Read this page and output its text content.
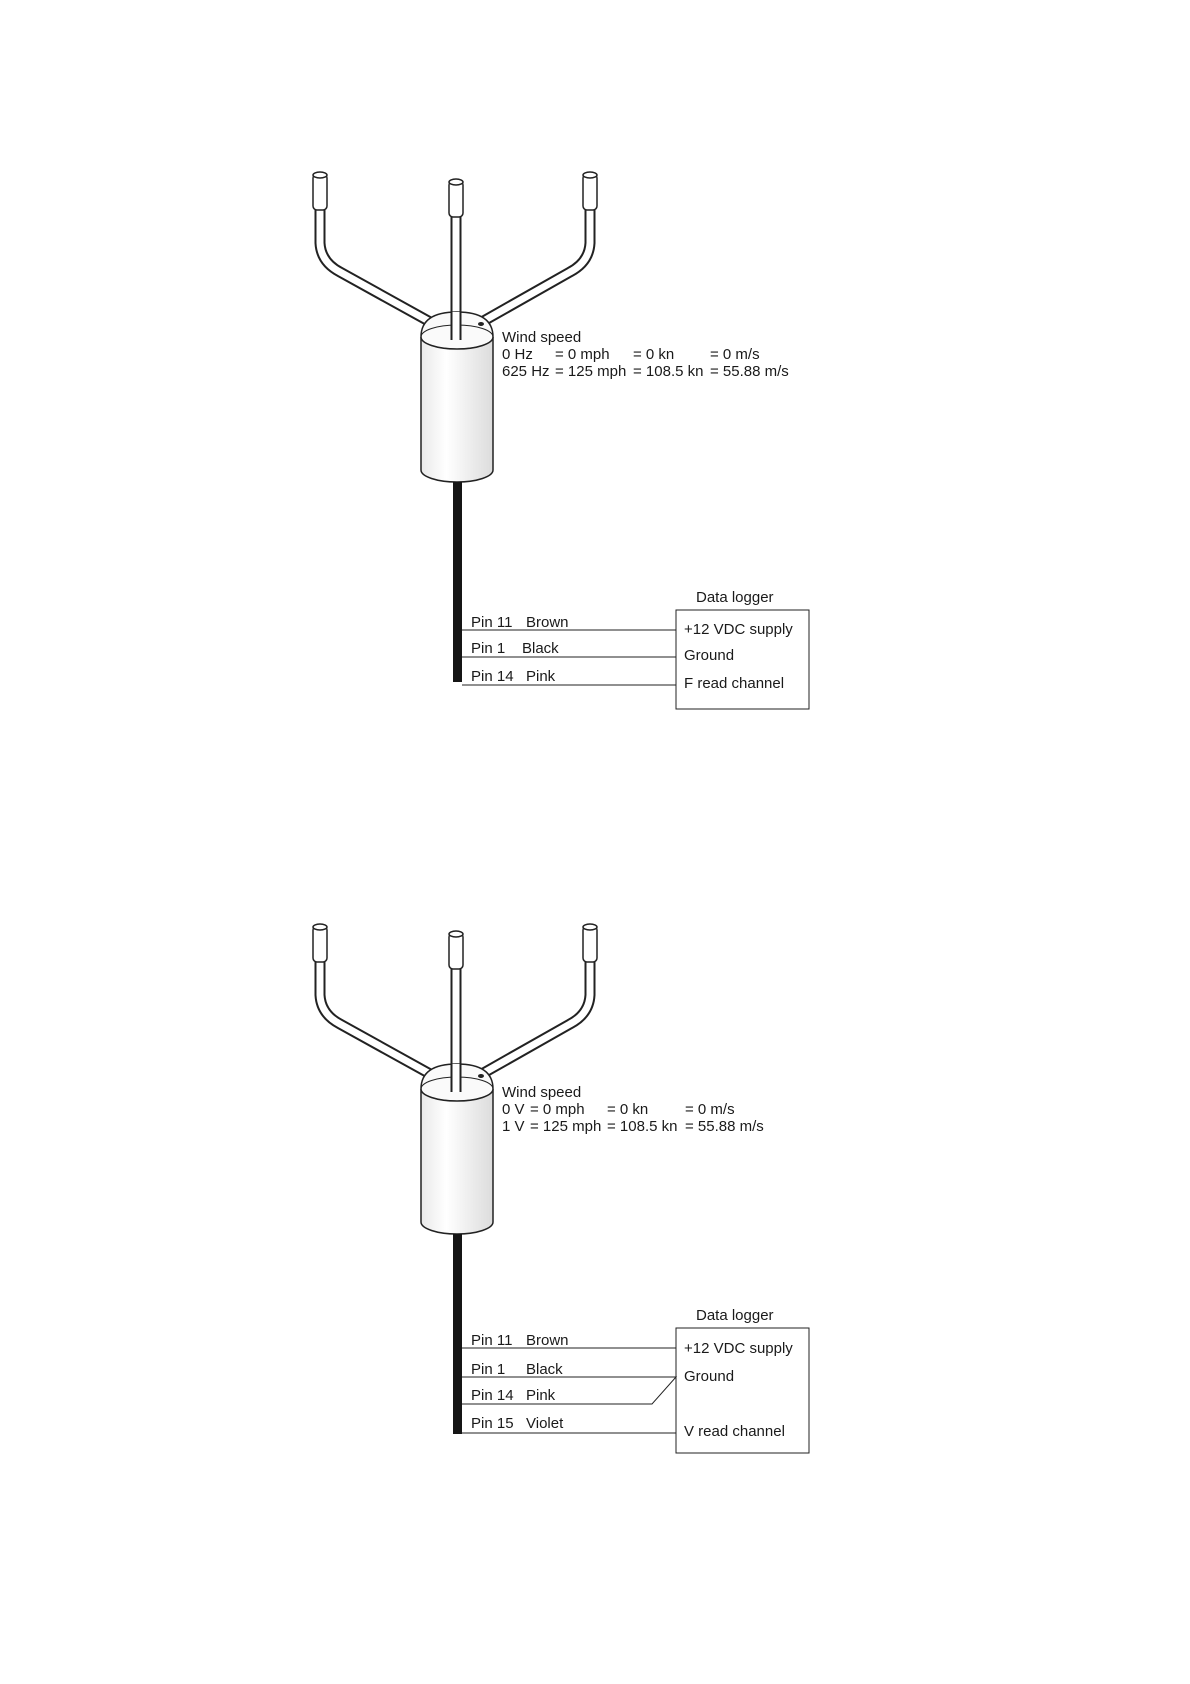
Wind speed
0 Hz = 0 mph = 0 kn = 0 m/s
625 Hz = 125 mph = 108.5 kn = 55.88 m/s
Pin 11 Brown
Pin 1 Black
Pin 14 Pink
Data logger
+12 VDC supply
Ground
F read channel
Wind speed
0 V = 0 mph = 0 kn = 0 m/s
1 V = 125 mph = 108.5 kn = 55.88 m/s
Pin 11 Brown
Pin 1 Black
Pin 14 Pink
Pin 15 Violet
Data logger
+12 VDC supply
Ground
V read channel
